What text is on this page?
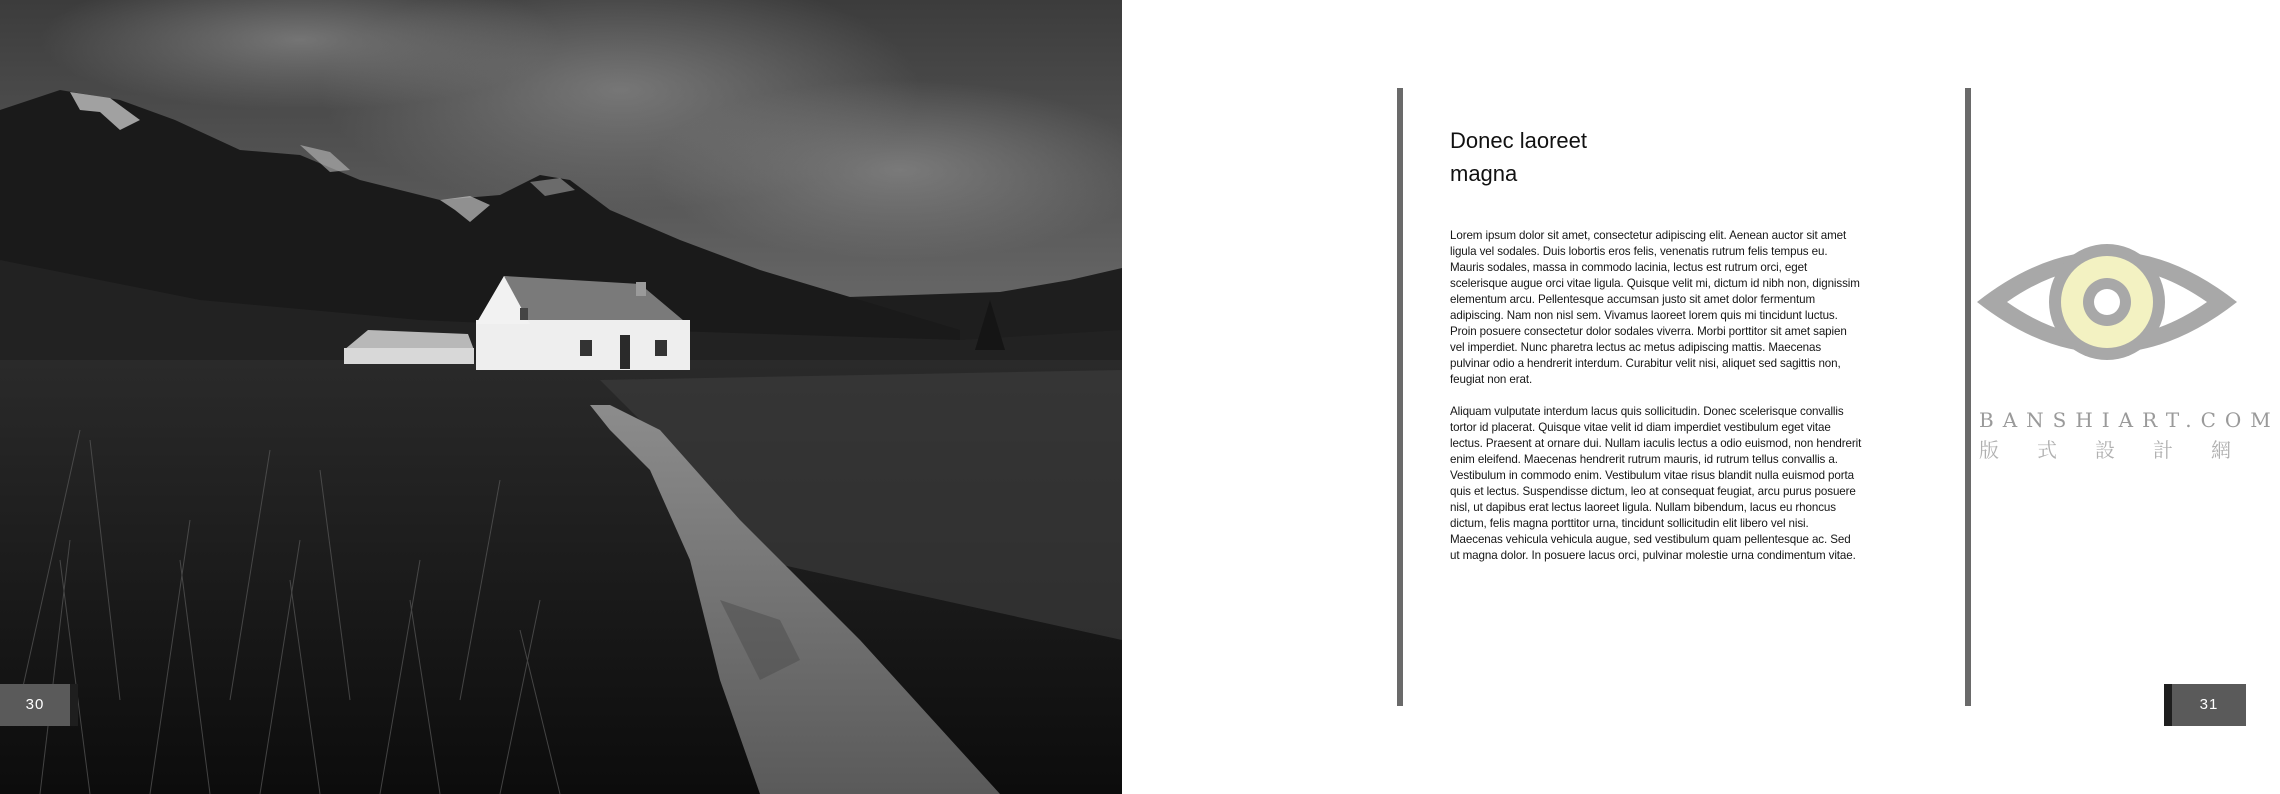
30
Donec laoreet magna

Lorem ipsum dolor sit amet, consectetur adipiscing elit. Aenean auctor sit amet ligula vel sodales. Duis lobortis eros felis, venenatis rutrum felis tempus eu. Mauris sodales, massa in commodo lacinia, lectus est rutrum orci, eget scelerisque augue orci vitae ligula. Quisque velit mi, dictum id nibh non, dignissim elementum arcu. Pellentesque accumsan justo sit amet dolor fermentum adipiscing. Nam non nisl sem. Vivamus laoreet lorem quis mi tincidunt luctus. Proin posuere consectetur dolor sodales viverra. Morbi porttitor sit amet sapien vel imperdiet. Nunc pharetra lectus ac metus adipiscing mattis. Maecenas pulvinar odio a hendrerit interdum. Curabitur velit nisi, aliquet sed sagittis non, feugiat non erat.

Aliquam vulputate interdum lacus quis sollicitudin. Donec scelerisque convallis tortor id placerat. Quisque vitae velit id diam imperdiet vestibulum eget vitae lectus. Praesent at ornare dui. Nullam iaculis lectus a odio euismod, non hendrerit enim eleifend. Maecenas hendrerit rutrum mauris, id rutrum tellus convallis a. Vestibulum in commodo enim. Vestibulum vitae risus blandit nulla euismod porta quis et lectus. Suspendisse dictum, leo at consequat feugiat, arcu purus posuere nisl, ut dapibus erat lectus laoreet ligula. Nullam bibendum, lacus eu rhoncus dictum, felis magna porttitor urna, tincidunt sollicitudin elit libero vel nisi. Maecenas vehicula vehicula augue, sed vestibulum quam pellentesque ac. Sed ut magna dolor. In posuere lacus orci, pulvinar molestie urna condimentum vitae.

BANSHIART.COM
版式設計網
31
